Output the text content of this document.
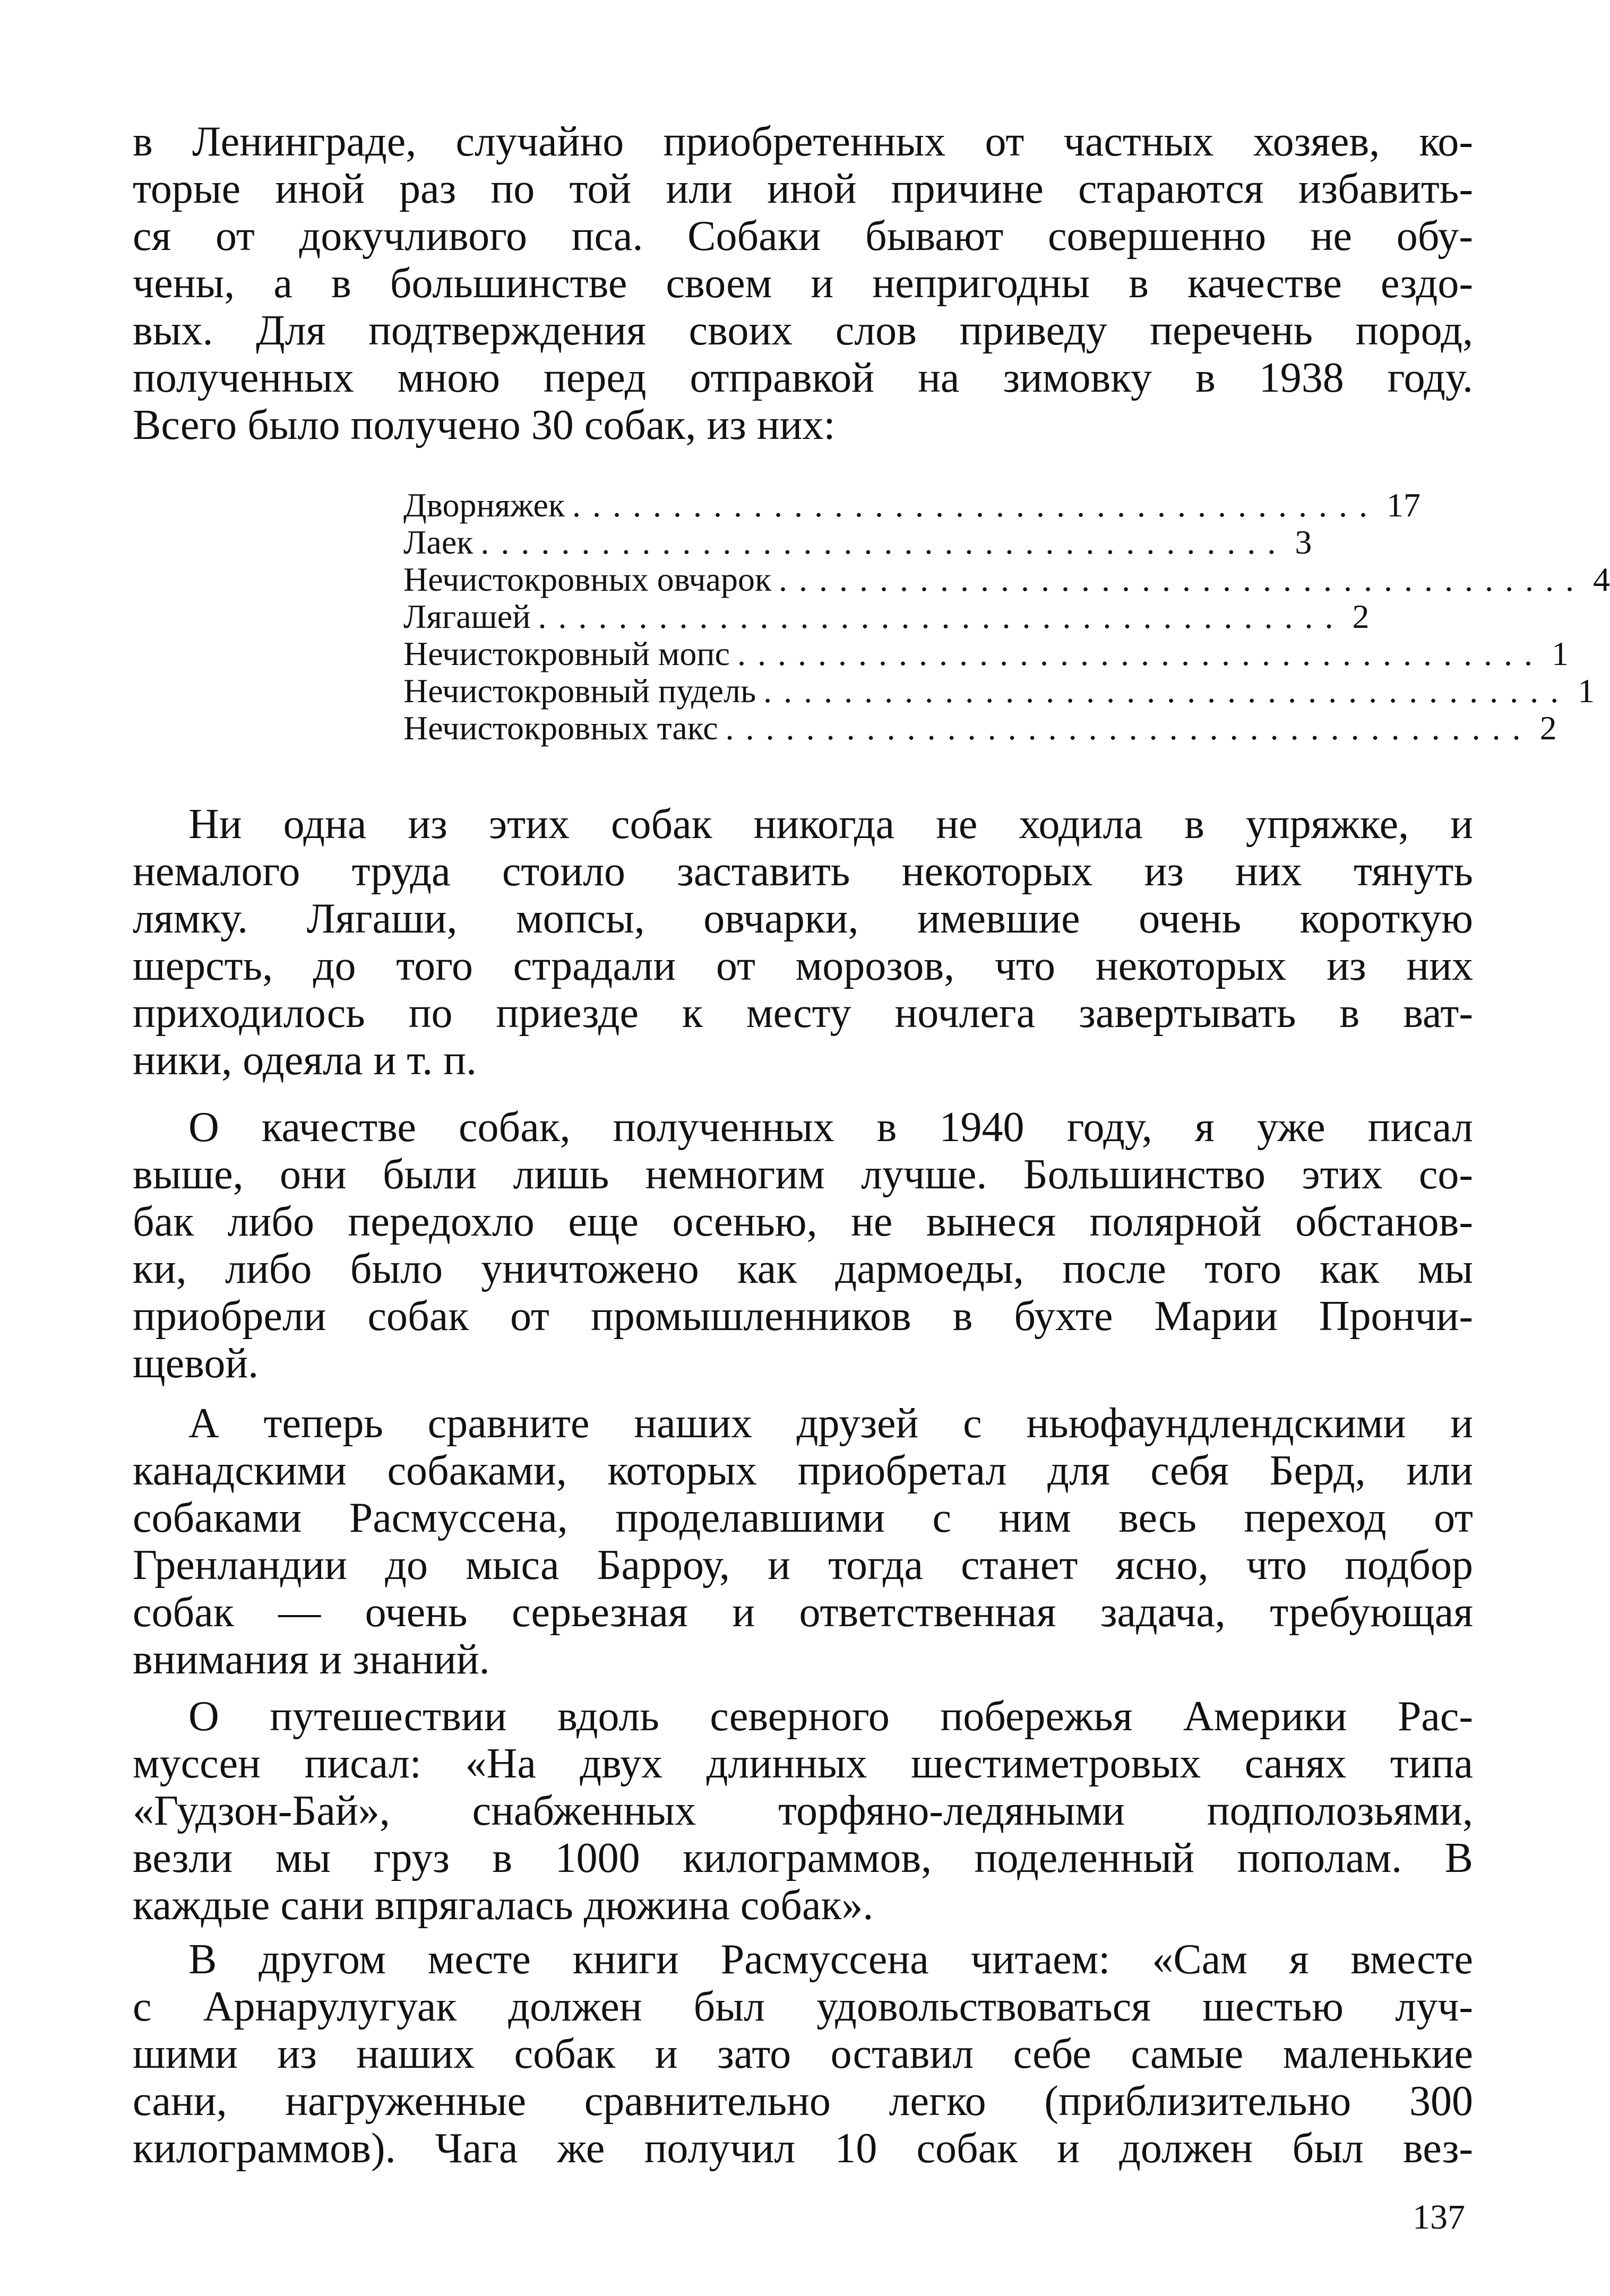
в Ленинграде, случайно приобретенных от частных хозяев, ко-
торые иной раз по той или иной причине стараются избавить-
ся от докучливого пса. Собаки бывают совершенно не обу-
чены, а в большинстве своем и непригодны в качестве ездо-
вых. Для подтверждения своих слов приведу перечень пород,
полученных мною перед отправкой на зимовку в 1938 году.
Всего было получено 30 собак, из них:
Ни одна из этих собак никогда не ходила в упряжке, и
немалого труда стоило заставить некоторых из них тянуть
лямку. Лягаши, мопсы, овчарки, имевшие очень короткую
шерсть, до того страдали от морозов, что некоторых из них
приходилось по приезде к месту ночлега завертывать в ват-
ники, одеяла и т. п.
О качестве собак, полученных в 1940 году, я уже писал
выше, они были лишь немногим лучше. Большинство этих со-
бак либо передохло еще осенью, не вынеся полярной обстанов-
ки, либо было уничтожено как дармоеды, после того как мы
приобрели собак от промышленников в бухте Марии Прончи-
щевой.
А теперь сравните наших друзей с ньюфаундлендскими и
канадскими собаками, которых приобретал для себя Берд, или
собаками Расмуссена, проделавшими с ним весь переход от
Гренландии до мыса Барроу, и тогда станет ясно, что подбор
собак — очень серьезная и ответственная задача, требующая
внимания и знаний.
О путешествии вдоль северного побережья Америки Рас-
муссен писал: «На двух длинных шестиметровых санях типа
«Гудзон-Бай», снабженных торфяно-ледяными подполозьями,
везли мы груз в 1000 килограммов, поделенный пополам. В
каждые сани впрягалась дюжина собак».
В другом месте книги Расмуссена читаем: «Сам я вместе
с Арнарулугуак должен был удовольствоваться шестью луч-
шими из наших собак и зато оставил себе самые маленькие
сани, нагруженные сравнительно легко (приблизительно 300
килограммов). Чага же получил 10 собак и должен был вез-
Дворняжек ........................................ 17
Лаек ........................................ 3
Нечистокровных овчарок ........................................ 4
Лягашей ........................................ 2
Нечистокровный мопс ........................................ 1
Нечистокровный пудель ........................................ 1
Нечистокровных такс ........................................ 2
137
